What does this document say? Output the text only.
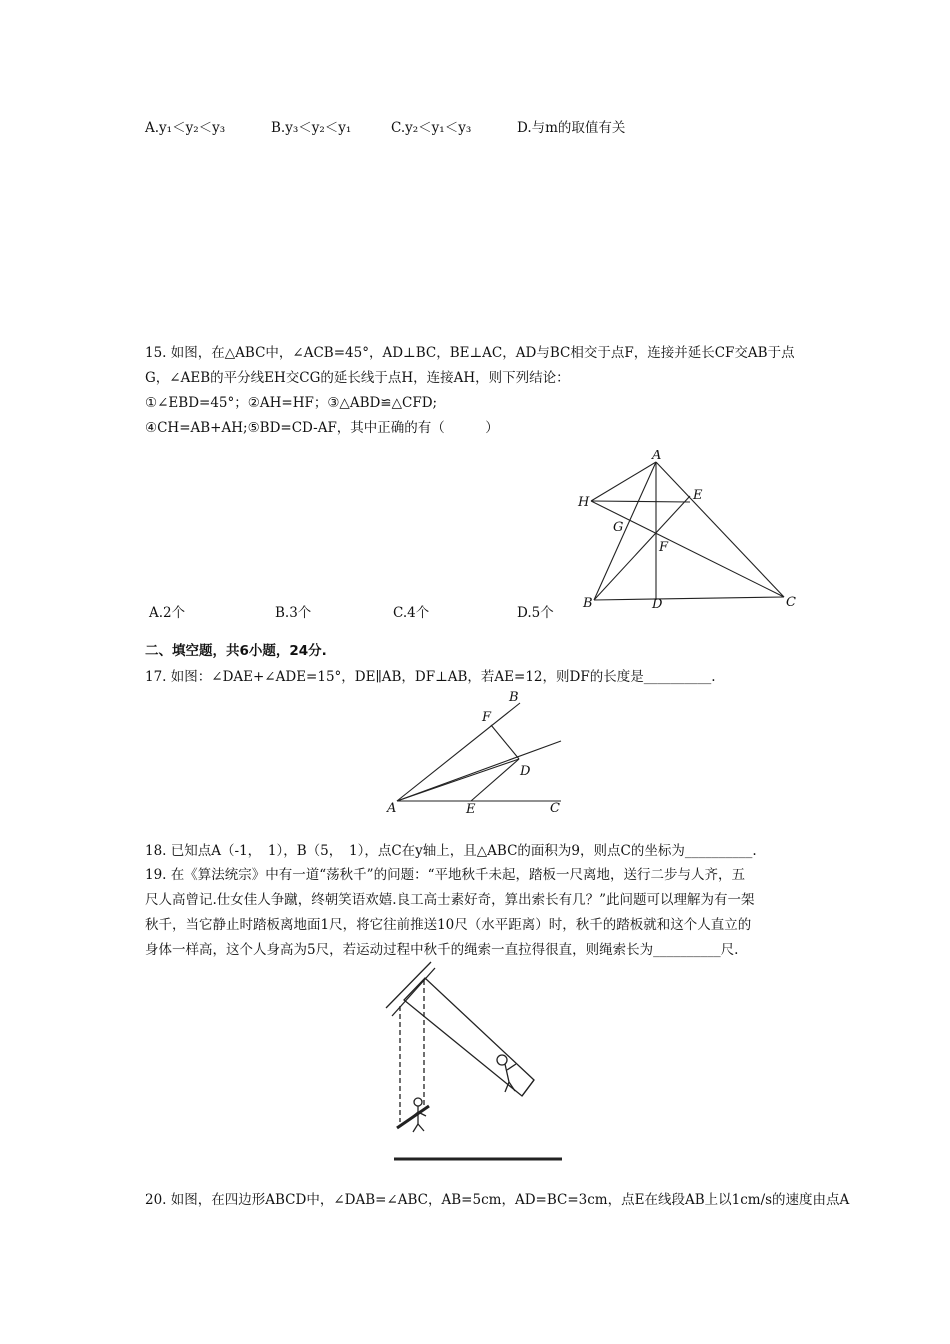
A.y₁＜y₂＜y₃	B.y₃＜y₂＜y₁	C.y₂＜y₁＜y₃	D.与m的取值有关
15. 如图，在△ABC中，∠ACB=45°，AD⊥BC，BE⊥AC，AD与BC相交于点F，连接并延长CF交AB于点
G，∠AEB的平分线EH交CG的延长线于点H，连接AH，则下列结论：
①∠EBD=45°；②AH=HF；③△ABD≌△CFD;
④CH=AB+AH;⑤BD=CD-AF，其中正确的有（　　　）
A
H	E
G
F
B	D	C
A.2个	B.3个	C.4个	D.5个
二、填空题，共6小题，24分.
17. 如图：∠DAE+∠ADE=15°，DE∥AB，DF⊥AB，若AE=12，则DF的长度是__________.
B
F
D
A	E	C
18. 已知点A（-1，　1），B（5，　1），点C在y轴上，且△ABC的面积为9，则点C的坐标为__________.
19. 在《算法统宗》中有一道“荡秋千”的问题：“平地秋千未起，踏板一尺离地，送行二步与人齐，五
尺人高曾记.仕女佳人争蹴，终朝笑语欢嬉.良工高士素好奇，算出索长有几？”此问题可以理解为有一架
秋千，当它静止时踏板离地面1尺，将它往前推送10尺（水平距离）时，秋千的踏板就和这个人直立的
身体一样高，这个人身高为5尺，若运动过程中秋千的绳索一直拉得很直，则绳索长为__________尺.
20. 如图，在四边形ABCD中，∠DAB=∠ABC，AB=5cm，AD=BC=3cm，点E在线段AB上以1cm/s的速度由点A
